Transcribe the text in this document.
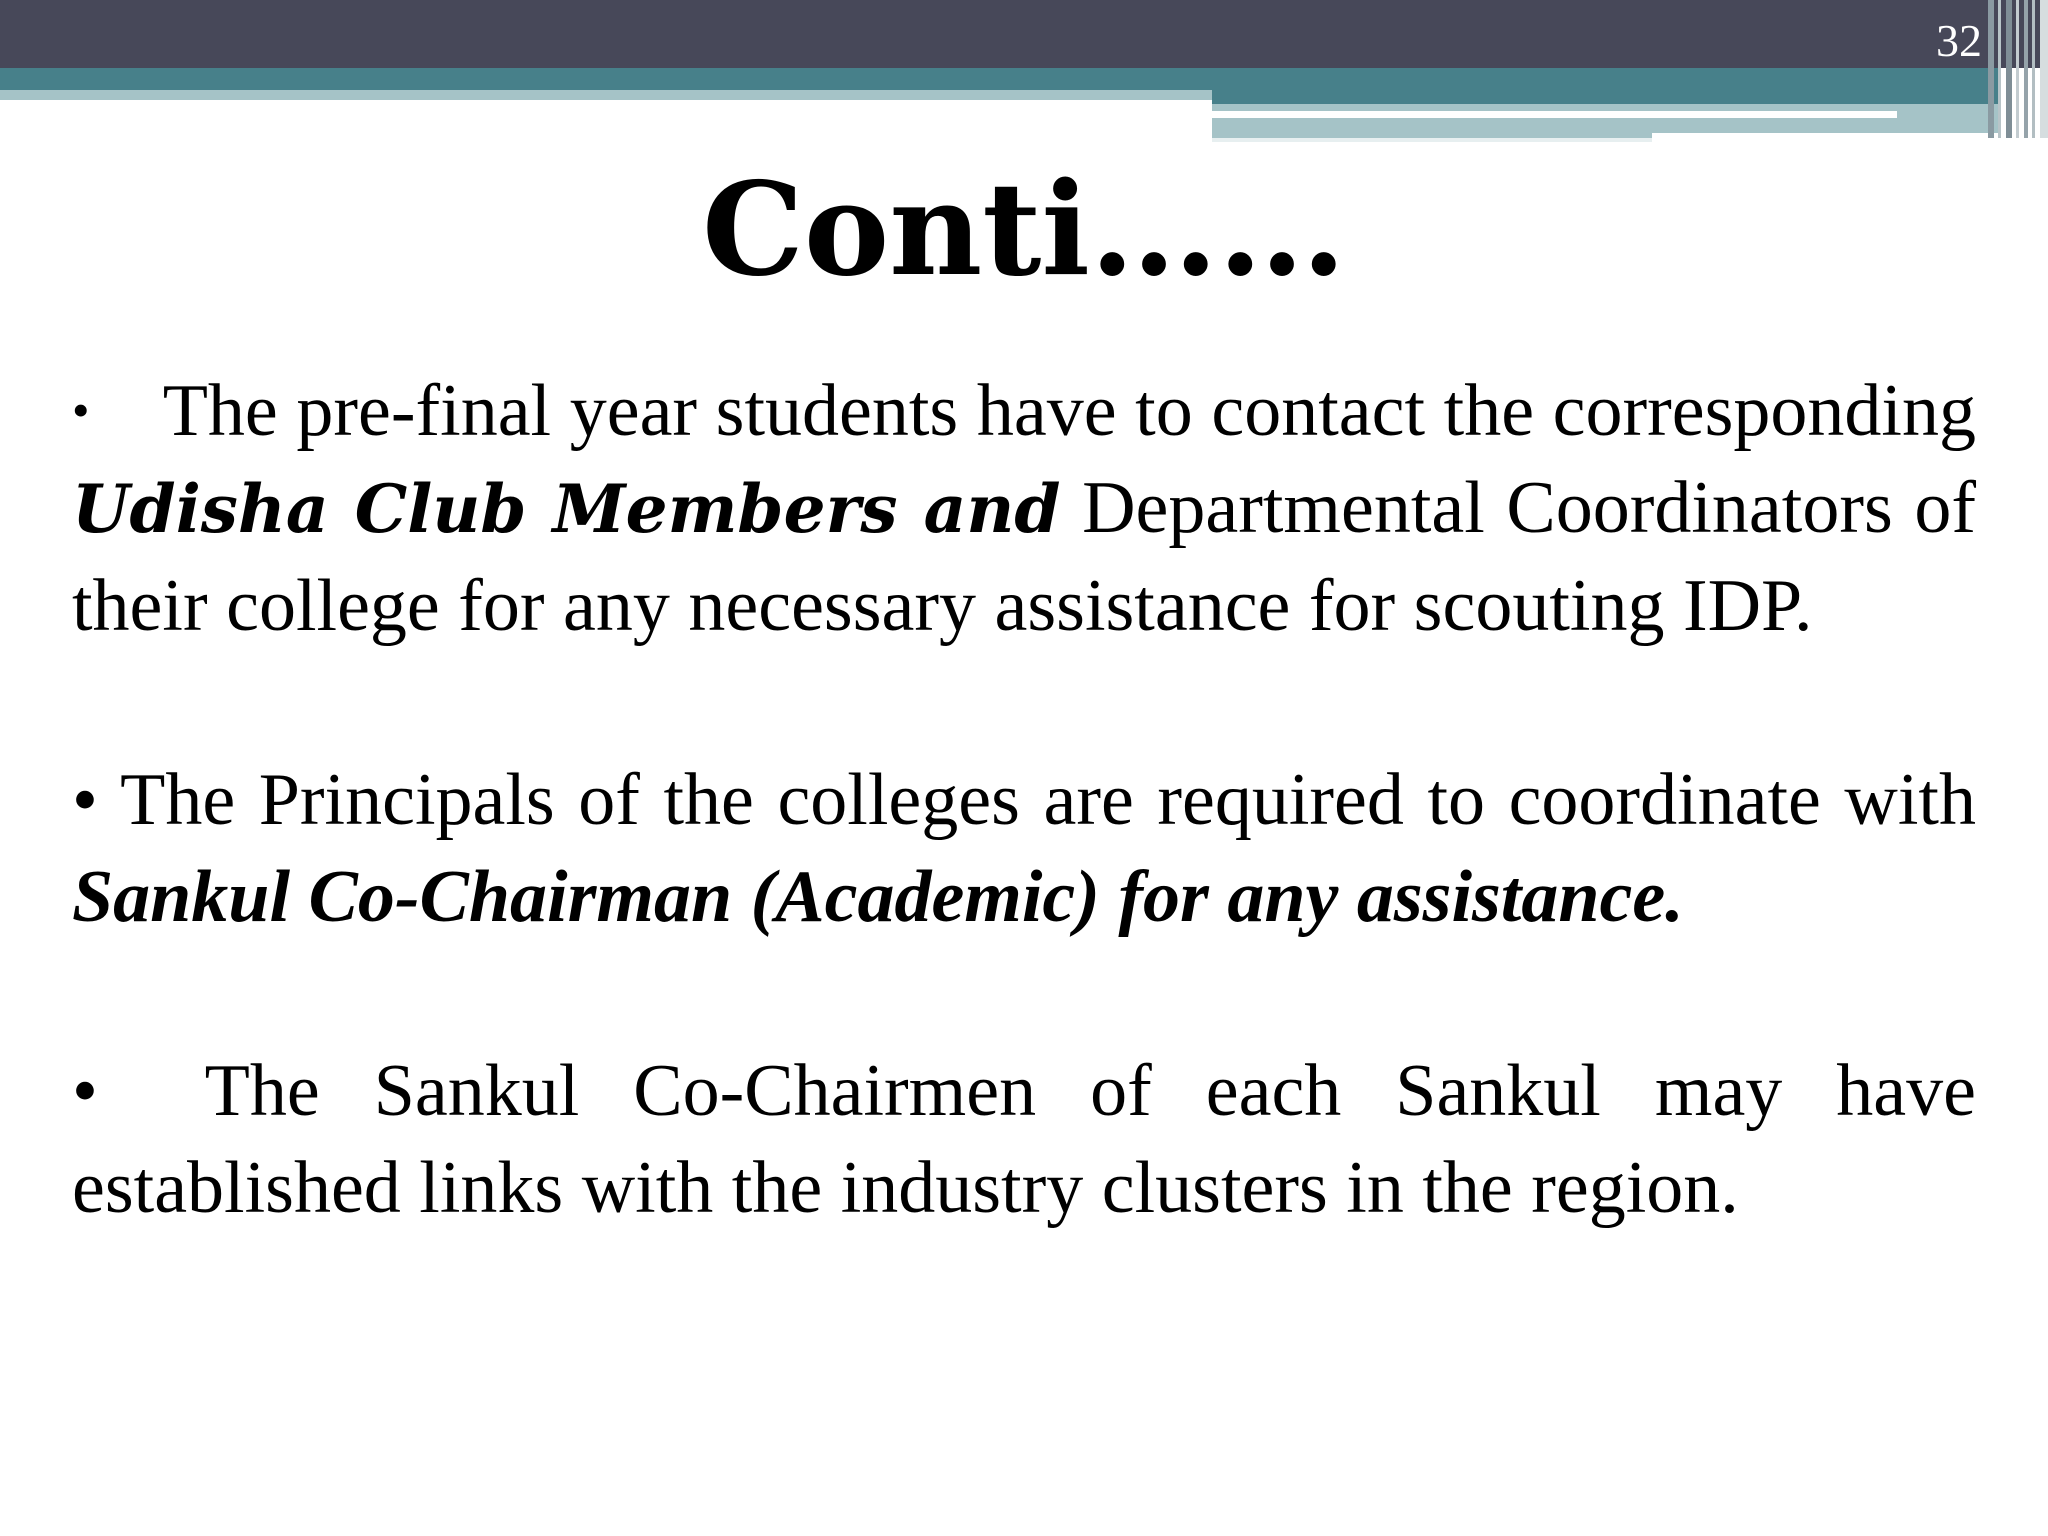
32
Conti……

• The pre-final year students have to contact the corresponding Udisha Club Members and Departmental Coordinators of their college for any necessary assistance for scouting IDP.

• The Principals of the colleges are required to coordinate with Sankul Co-Chairman (Academic) for any assistance.

• The Sankul Co-Chairmen of each Sankul may have established links with the industry clusters in the region.
